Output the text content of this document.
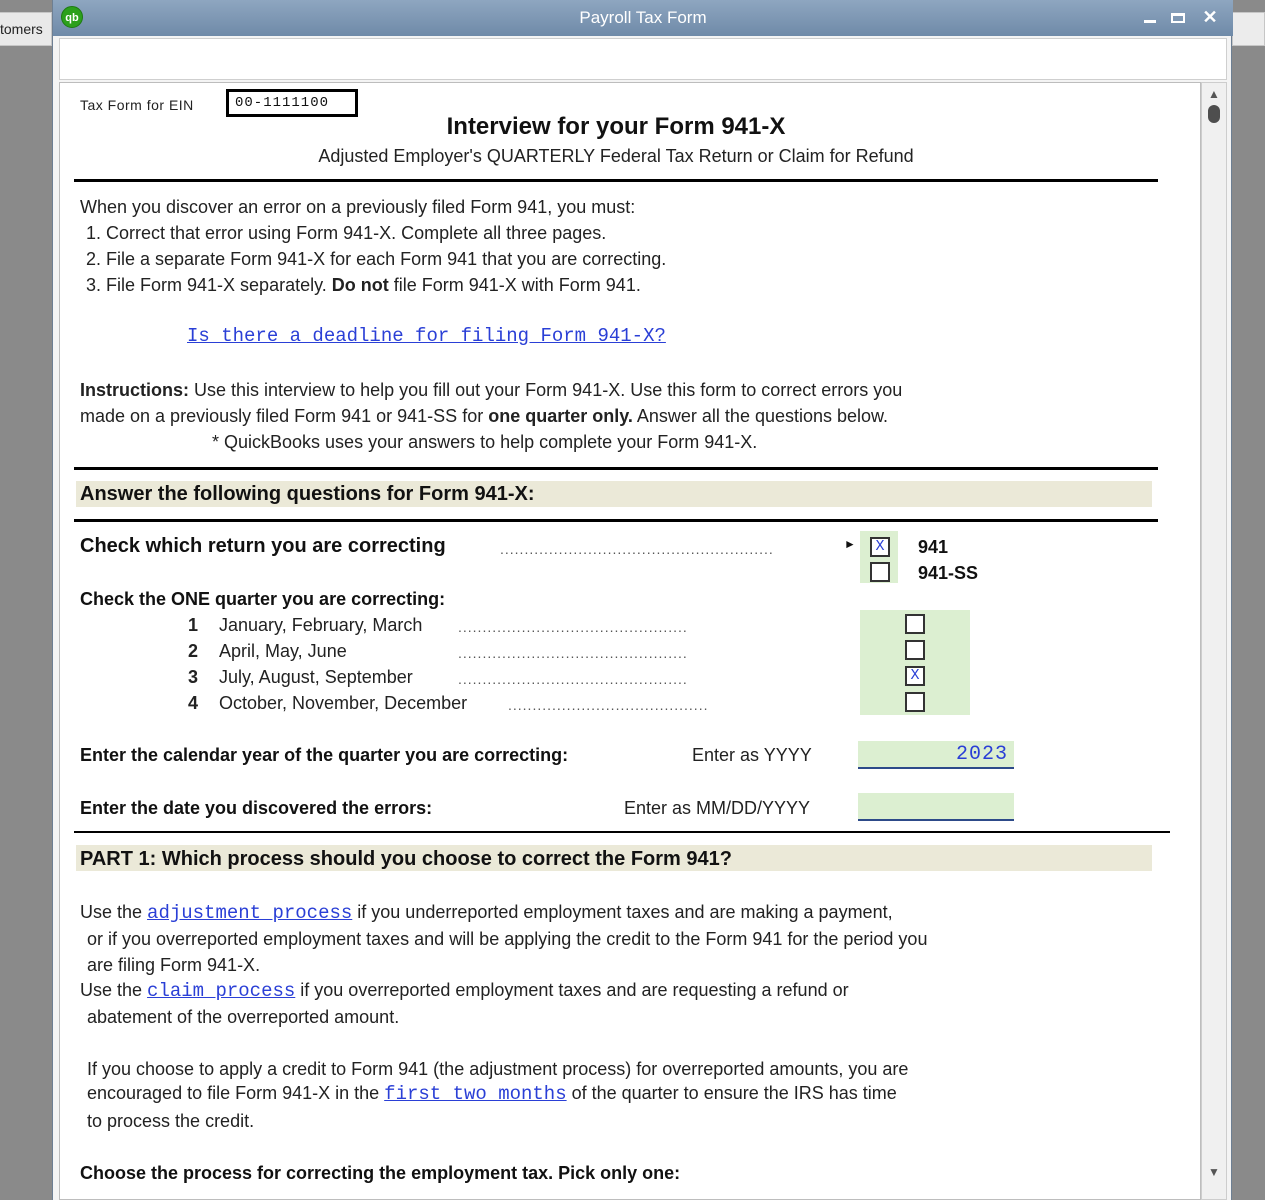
tomers
qb	Payroll Tax Form	✕
Tax Form for EIN	00-1111100
Interview for your Form 941-X
Adjusted Employer's QUARTERLY Federal Tax Return or Claim for Refund
When you discover an error on a previously filed Form 941, you must:
1. Correct that error using Form 941-X. Complete all three pages.
2. File a separate Form 941-X for each Form 941 that you are correcting.
3. File Form 941-X separately. Do not file Form 941-X with Form 941.
Is there a deadline for filing Form 941-X?
Instructions: Use this interview to help you fill out your Form 941-X. Use this form to correct errors you
made on a previously filed Form 941 or 941-SS for one quarter only. Answer all the questions below.
* QuickBooks uses your answers to help complete your Form 941-X.
Answer the following questions for Form 941-X:
Check which return you are correcting	........................................................	►	X	941
941-SS
Check the ONE quarter you are correcting:
1 January, February, March	...............................................
2 April, May, June	...............................................
3 July, August, September	...............................................	X
4 October, November, December	.........................................
Enter the calendar year of the quarter you are correcting:	Enter as YYYY	2023
Enter the date you discovered the errors:	Enter as MM/DD/YYYY
PART 1: Which process should you choose to correct the Form 941?
Use the adjustment process if you underreported employment taxes and are making a payment,
or if you overreported employment taxes and will be applying the credit to the Form 941 for the period you
are filing Form 941-X.
Use the claim process if you overreported employment taxes and are requesting a refund or
abatement of the overreported amount.
If you choose to apply a credit to Form 941 (the adjustment process) for overreported amounts, you are
encouraged to file Form 941-X in the first two months of the quarter to ensure the IRS has time
to process the credit.
Choose the process for correcting the employment tax. Pick only one:
▲
▼
